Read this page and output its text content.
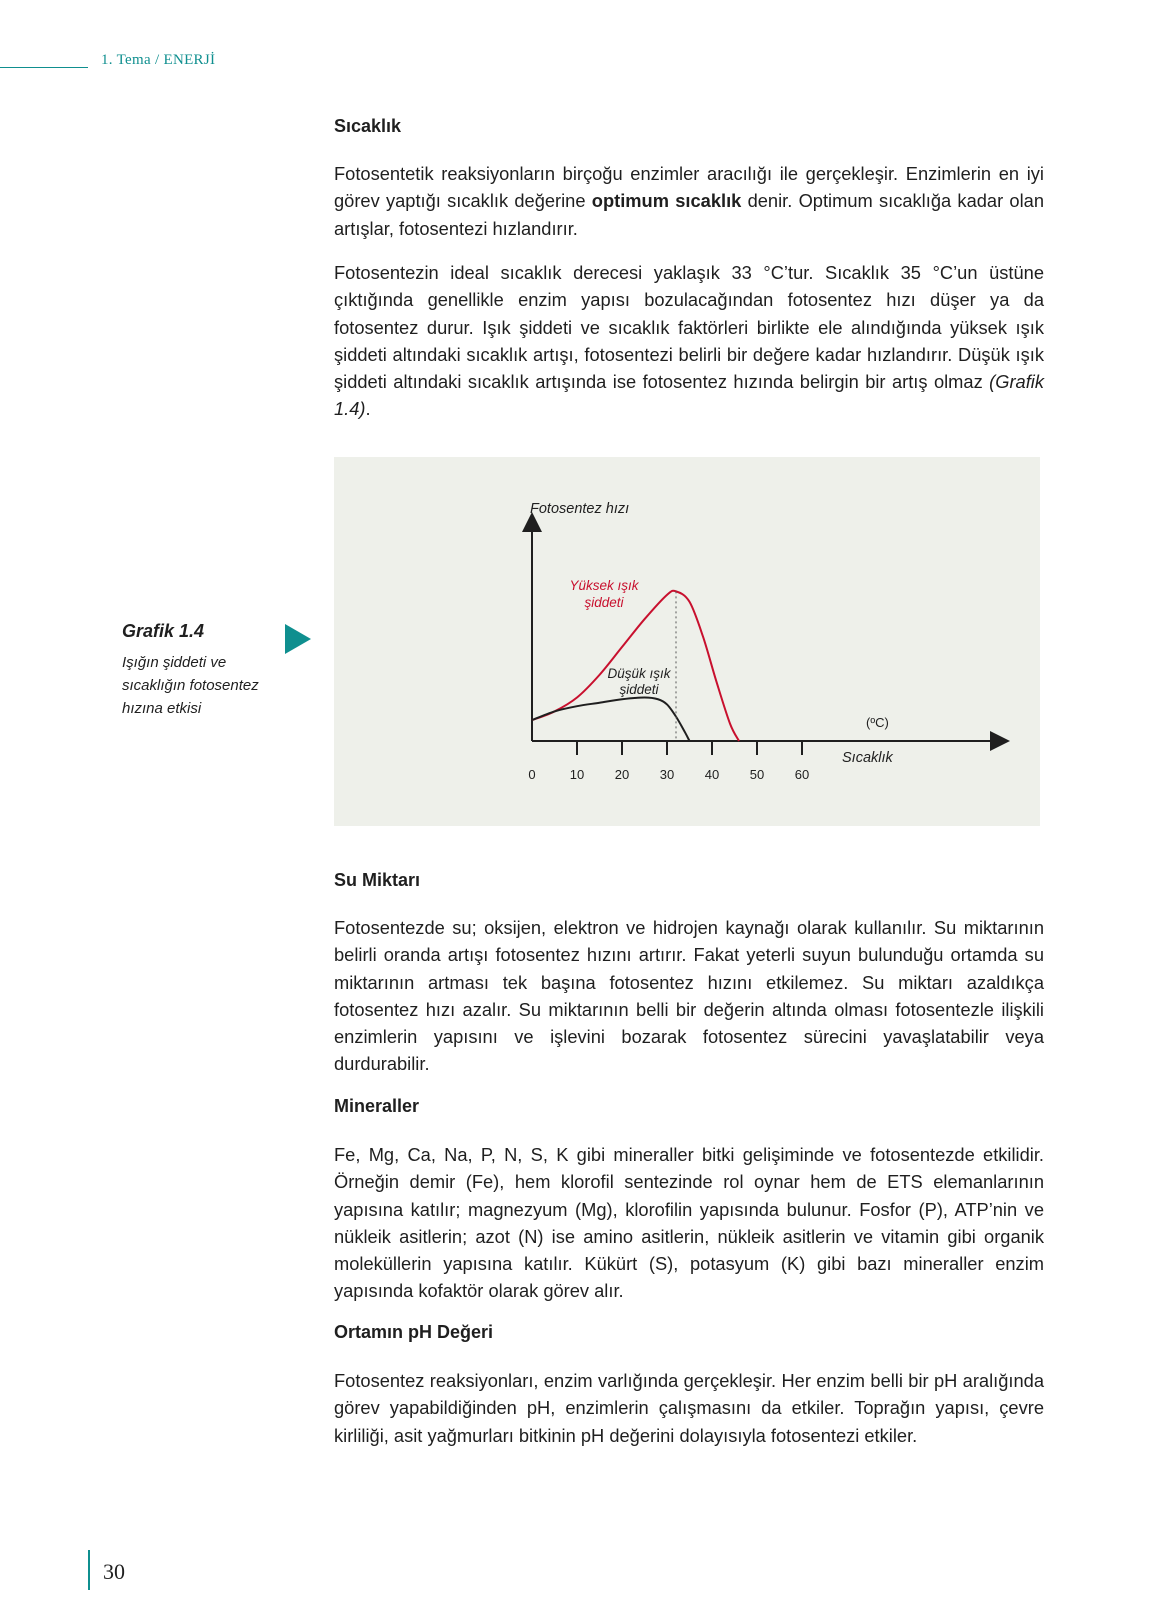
1. Tema / ENERJİ
Sıcaklık

Fotosentetik reaksiyonların birçoğu enzimler aracılığı ile gerçekleşir. Enzimlerin en iyi görev yaptığı sıcaklık değerine optimum sıcaklık denir. Optimum sıcaklığa kadar olan artışlar, fotosentezi hızlandırır.

Fotosentezin ideal sıcaklık derecesi yaklaşık 33 °C’tur. Sıcaklık 35 °C’un üstüne çıktığında genellikle enzim yapısı bozulacağından fotosentez hızı düşer ya da fotosentez durur. Işık şiddeti ve sıcaklık faktörleri birlikte ele alındığında yüksek ışık şiddeti altındaki sıcaklık artışı, fotosentezi belirli bir değere kadar hızlandırır. Düşük ışık şiddeti altındaki sıcaklık artışında ise fotosentez hızında belirgin bir artış olmaz (Grafik 1.4).

Grafik 1.4
Işığın şiddeti ve sıcaklığın fotosentez hızına etkisi
0	10 20 30 40 50 60
Fotosentez hızı
Sıcaklık
(ºC)
Yüksek ışık
şiddeti
Düşük ışık
şiddeti
Su Miktarı

Fotosentezde su; oksijen, elektron ve hidrojen kaynağı olarak kullanılır. Su miktarının belirli oranda artışı fotosentez hızını artırır. Fakat yeterli suyun bulunduğu ortamda su miktarının artması tek başına fotosentez hızını etkilemez. Su miktarı azaldıkça fotosentez hızı azalır. Su miktarının belli bir değerin altında olması fotosentezle ilişkili enzimlerin yapısını ve işlevini bozarak fotosentez sürecini yavaşlatabilir veya durdurabilir.

Mineraller

Fe, Mg, Ca, Na, P, N, S, K gibi mineraller bitki gelişiminde ve fotosentezde etkilidir. Örneğin demir (Fe), hem klorofil sentezinde rol oynar hem de ETS elemanlarının yapısına katılır; magnezyum (Mg), klorofilin yapısında bulunur. Fosfor (P), ATP’nin ve nükleik asitlerin; azot (N) ise amino asitlerin, nükleik asitlerin ve vitamin gibi organik moleküllerin yapısına katılır. Kükürt (S), potasyum (K) gibi bazı mineraller enzim yapısında kofaktör olarak görev alır.

Ortamın pH Değeri

Fotosentez reaksiyonları, enzim varlığında gerçekleşir. Her enzim belli bir pH aralığında görev yapabildiğinden pH, enzimlerin çalışmasını da etkiler. Toprağın yapısı, çevre kirliliği, asit yağmurları bitkinin pH değerini dolayısıyla fotosentezi etkiler.

30
